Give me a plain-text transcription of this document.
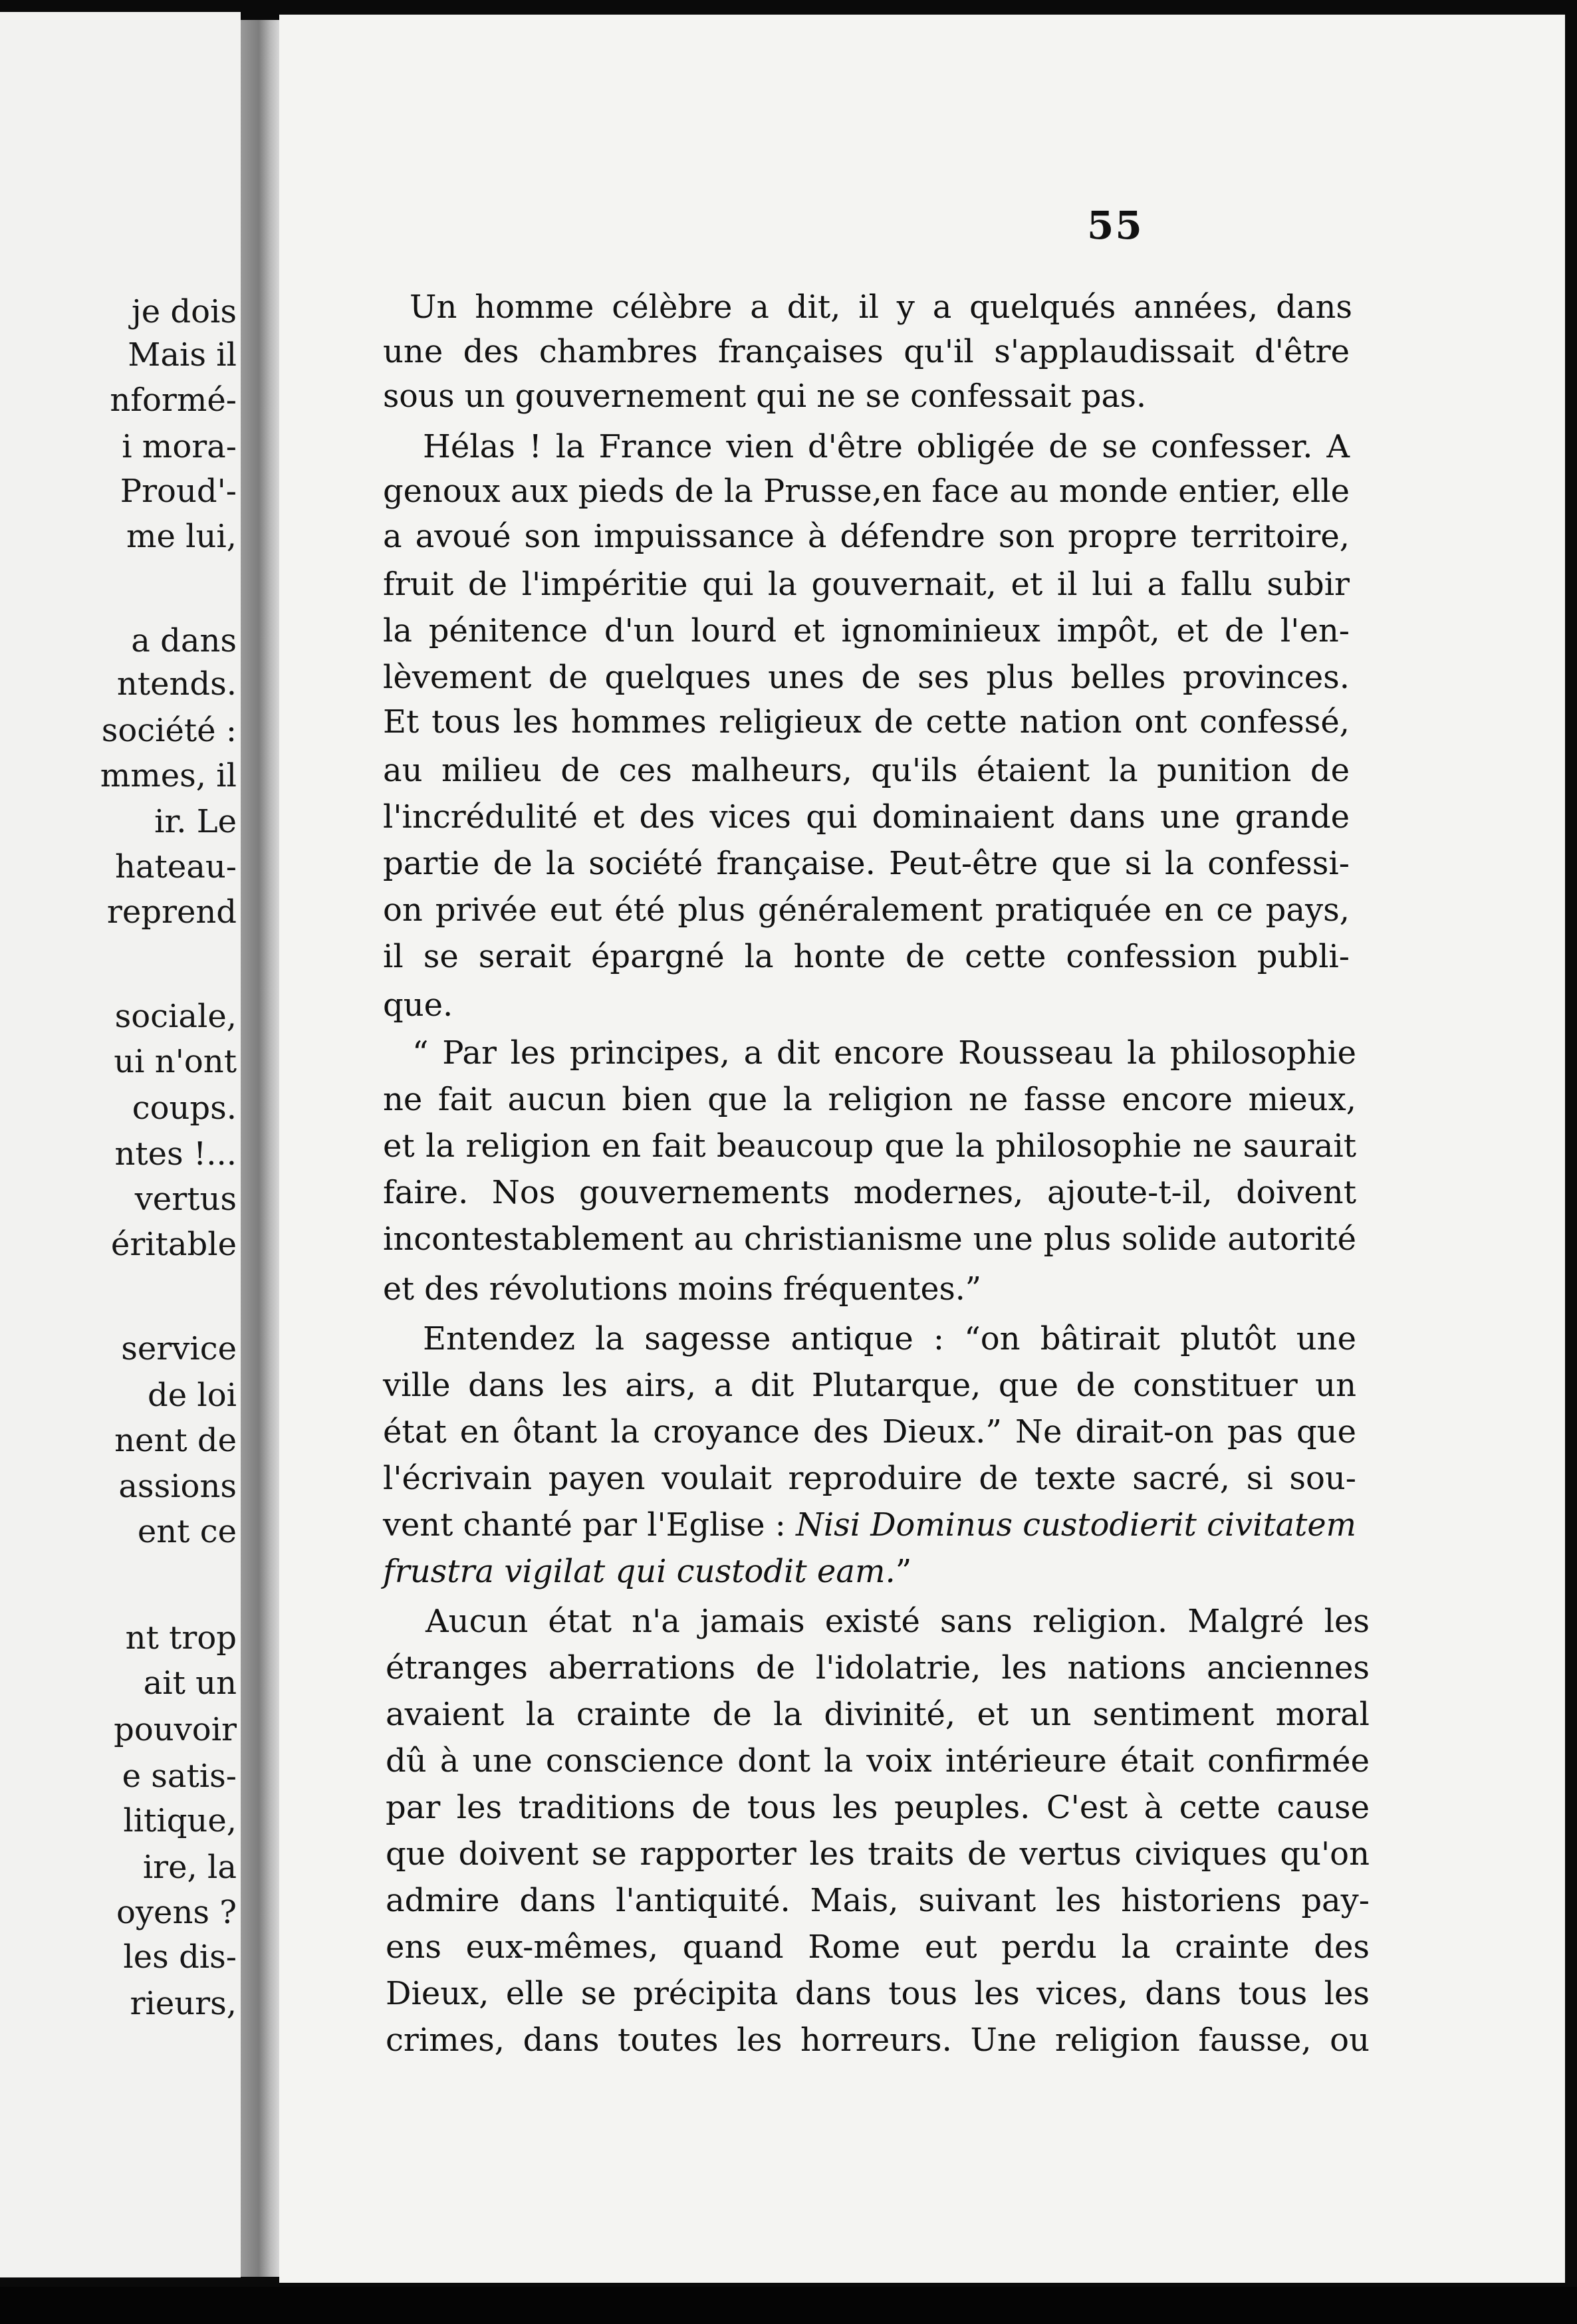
je dois
Mais il
nformé-
i mora-
Proud'-
me lui,
a dans
ntends.
société :
mmes, il
ir. Le
hateau-
reprend
sociale,
ui n'ont
coups.
ntes !...
vertus
éritable
service
de loi
nent de
assions
ent ce
nt trop
ait un
pouvoir
e satis-
litique,
ire, la
oyens ?
les dis-
rieurs,
55
Un homme célèbre a dit, il y a quelqués années, dans
une des chambres françaises qu'il s'applaudissait d'être
sous un gouvernement qui ne se confessait pas.
Hélas ! la France vien d'être obligée de se confesser. A
genoux aux pieds de la Prusse,en face au monde entier, elle
a avoué son impuissance à défendre son propre territoire,
fruit de l'impéritie qui la gouvernait, et il lui a fallu subir
la pénitence d'un lourd et ignominieux impôt, et de l'en-
lèvement de quelques unes de ses plus belles provinces.
Et tous les hommes religieux de cette nation ont confessé,
au milieu de ces malheurs, qu'ils étaient la punition de
l'incrédulité et des vices qui dominaient dans une grande
partie de la société française. Peut-être que si la confessi-
on privée eut été plus généralement pratiquée en ce pays,
il se serait épargné la honte de cette confession publi-
que.
“ Par les principes, a dit encore Rousseau la philosophie
ne fait aucun bien que la religion ne fasse encore mieux,
et la religion en fait beaucoup que la philosophie ne saurait
faire. Nos gouvernements modernes, ajoute-t-il, doivent
incontestablement au christianisme une plus solide autorité
et des révolutions moins fréquentes.”
Entendez la sagesse antique : “on bâtirait plutôt une
ville dans les airs, a dit Plutarque, que de constituer un
état en ôtant la croyance des Dieux.” Ne dirait-on pas que
l'écrivain payen voulait reproduire de texte sacré, si sou-
vent chanté par l'Eglise : Nisi Dominus custodierit civitatem
frustra vigilat qui custodit eam.”
Aucun état n'a jamais existé sans religion. Malgré les
étranges aberrations de l'idolatrie, les nations anciennes
avaient la crainte de la divinité, et un sentiment moral
dû à une conscience dont la voix intérieure était confirmée
par les traditions de tous les peuples. C'est à cette cause
que doivent se rapporter les traits de vertus civiques qu'on
admire dans l'antiquité. Mais, suivant les historiens pay-
ens eux-mêmes, quand Rome eut perdu la crainte des
Dieux, elle se précipita dans tous les vices, dans tous les
crimes, dans toutes les horreurs. Une religion fausse, ou
